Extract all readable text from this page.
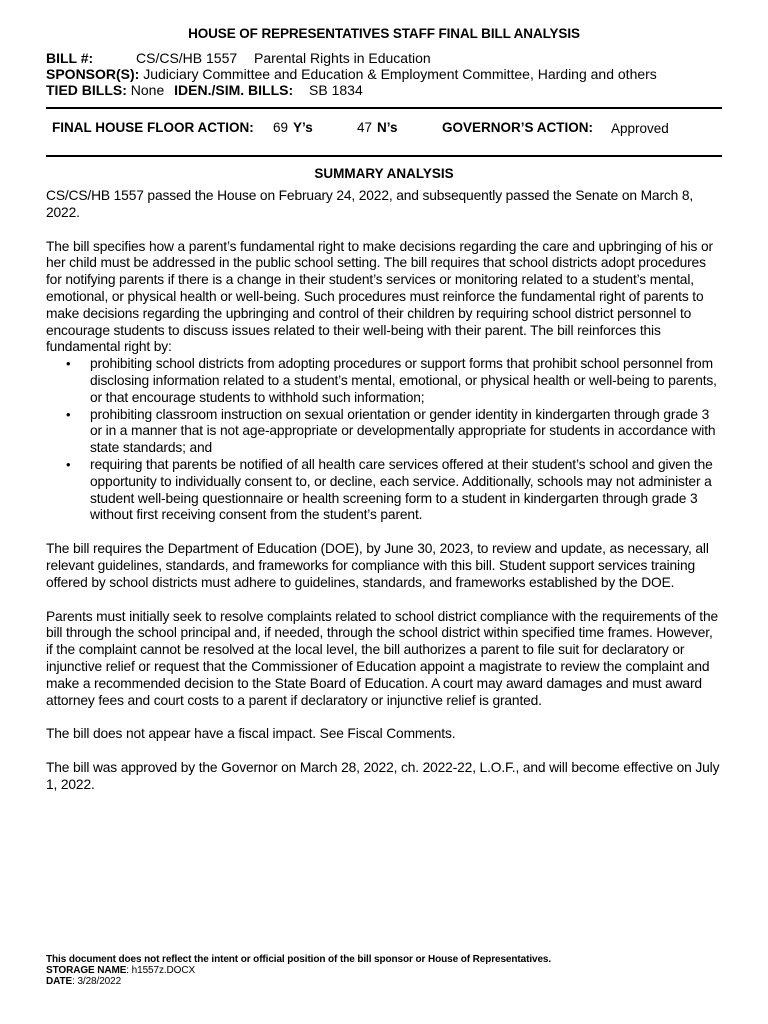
HOUSE OF REPRESENTATIVES STAFF FINAL BILL ANALYSIS
BILL #:	CS/CS/HB 1557 Parental Rights in Education
SPONSOR(S): Judiciary Committee and Education & Employment Committee, Harding and others
TIED BILLS: None IDEN./SIM. BILLS: SB 1834
FINAL HOUSE FLOOR ACTION: 69 Y’s	47 N’s	GOVERNOR’S ACTION: Approved
SUMMARY ANALYSIS

CS/CS/HB 1557 passed the House on February 24, 2022, and subsequently passed the Senate on March 8, 2022.

The bill specifies how a parent’s fundamental right to make decisions regarding the care and upbringing of his or her child must be addressed in the public school setting. The bill requires that school districts adopt procedures for notifying parents if there is a change in their student’s services or monitoring related to a student’s mental, emotional, or physical health or well-being. Such procedures must reinforce the fundamental right of parents to make decisions regarding the upbringing and control of their children by requiring school district personnel to encourage students to discuss issues related to their well-being with their parent. The bill reinforces this fundamental right by:

• prohibiting school districts from adopting procedures or support forms that prohibit school personnel from disclosing information related to a student’s mental, emotional, or physical health or well-being to parents, or that encourage students to withhold such information;
• prohibiting classroom instruction on sexual orientation or gender identity in kindergarten through grade 3 or in a manner that is not age-appropriate or developmentally appropriate for students in accordance with state standards; and
• requiring that parents be notified of all health care services offered at their student’s school and given the opportunity to individually consent to, or decline, each service. Additionally, schools may not administer a student well-being questionnaire or health screening form to a student in kindergarten through grade 3 without first receiving consent from the student’s parent.

The bill requires the Department of Education (DOE), by June 30, 2023, to review and update, as necessary, all relevant guidelines, standards, and frameworks for compliance with this bill. Student support services training offered by school districts must adhere to guidelines, standards, and frameworks established by the DOE.

Parents must initially seek to resolve complaints related to school district compliance with the requirements of the bill through the school principal and, if needed, through the school district within specified time frames. However, if the complaint cannot be resolved at the local level, the bill authorizes a parent to file suit for declaratory or injunctive relief or request that the Commissioner of Education appoint a magistrate to review the complaint and make a recommended decision to the State Board of Education. A court may award damages and must award attorney fees and court costs to a parent if declaratory or injunctive relief is granted.

The bill does not appear have a fiscal impact. See Fiscal Comments.

The bill was approved by the Governor on March 28, 2022, ch. 2022-22, L.O.F., and will become effective on July 1, 2022.

This document does not reflect the intent or official position of the bill sponsor or House of Representatives.
STORAGE NAME: h1557z.DOCX
DATE: 3/28/2022
